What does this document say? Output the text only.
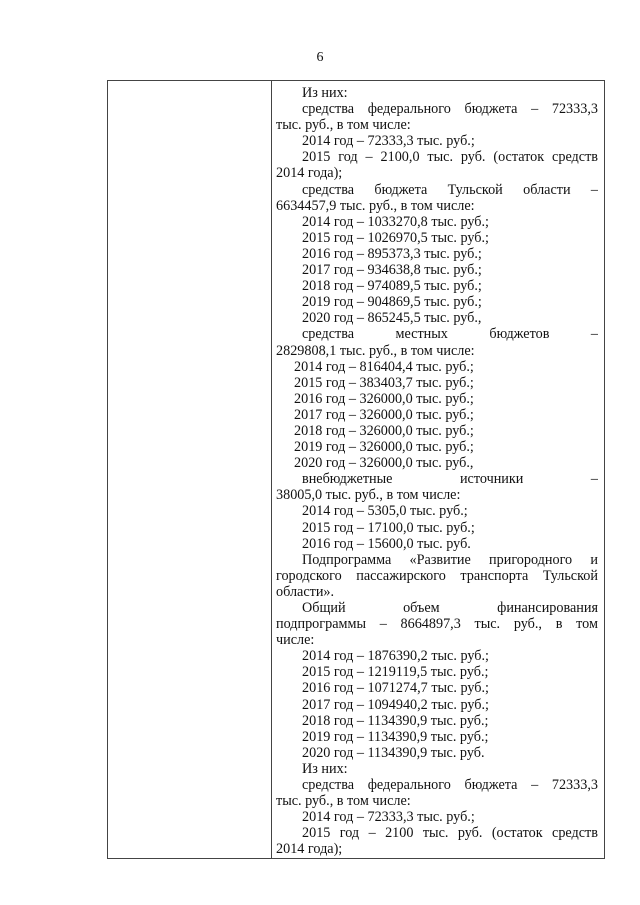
6
Из них:
средства федерального бюджета – 72333,3
тыс. руб., в том числе:
2014 год – 72333,3 тыс. руб.;
2015 год – 2100,0 тыс. руб. (остаток средств
2014 года);
средства бюджета Тульской области –
6634457,9 тыс. руб., в том числе:
2014 год – 1033270,8 тыс. руб.;
2015 год – 1026970,5 тыс. руб.;
2016 год – 895373,3 тыс. руб.;
2017 год – 934638,8 тыс. руб.;
2018 год – 974089,5 тыс. руб.;
2019 год – 904869,5 тыс. руб.;
2020 год – 865245,5 тыс. руб.,
средства	местных	бюджетов	–
2829808,1 тыс. руб., в том числе:
2014 год – 816404,4 тыс. руб.;
2015 год – 383403,7 тыс. руб.;
2016 год – 326000,0 тыс. руб.;
2017 год – 326000,0 тыс. руб.;
2018 год – 326000,0 тыс. руб.;
2019 год – 326000,0 тыс. руб.;
2020 год – 326000,0 тыс. руб.,
внебюджетные	источники	–
38005,0 тыс. руб., в том числе:
2014 год – 5305,0 тыс. руб.;
2015 год – 17100,0 тыс. руб.;
2016 год – 15600,0 тыс. руб.
Подпрограмма «Развитие пригородного и
городского пассажирского транспорта Тульской
области».
Общий	объем	финансирования
подпрограммы – 8664897,3 тыс. руб., в том
числе:
2014 год – 1876390,2 тыс. руб.;
2015 год – 1219119,5 тыс. руб.;
2016 год – 1071274,7 тыс. руб.;
2017 год – 1094940,2 тыс. руб.;
2018 год – 1134390,9 тыс. руб.;
2019 год – 1134390,9 тыс. руб.;
2020 год – 1134390,9 тыс. руб.
Из них:
средства федерального бюджета – 72333,3
тыс. руб., в том числе:
2014 год – 72333,3 тыс. руб.;
2015 год – 2100 тыс. руб. (остаток средств
2014 года);
